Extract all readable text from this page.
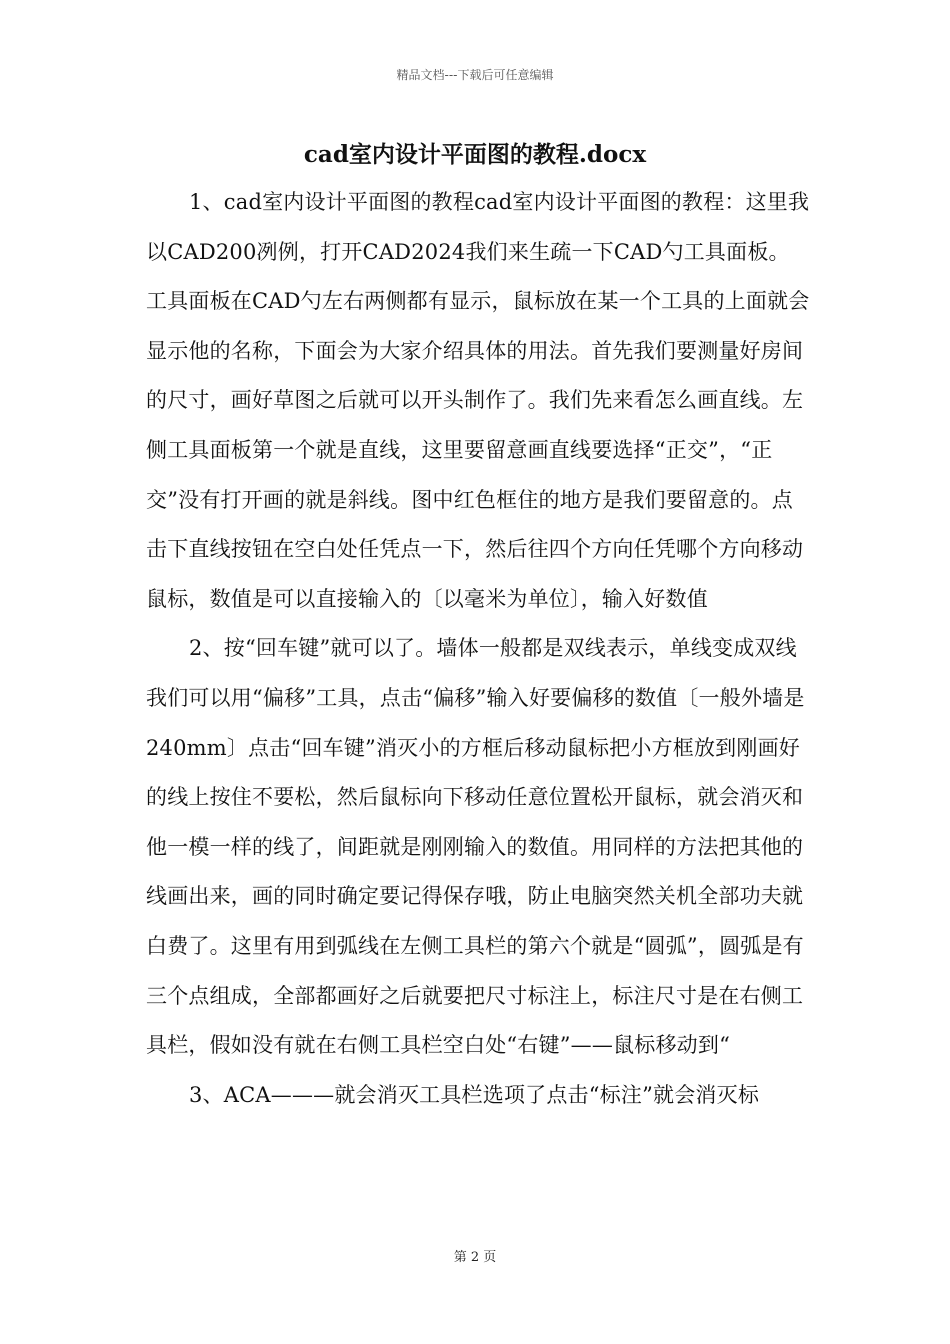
精品文档---下载后可任意编辑
cad室内设计平面图的教程.docx

1、cad室内设计平面图的教程cad室内设计平面图的教程：这里我以CAD200冽例，打开CAD2024我们来生疏一下CAD勺工具面板。工具面板在CAD勺左右两侧都有显示，鼠标放在某一个工具的上面就会显示他的名称，下面会为大家介绍具体的用法。首先我们要测量好房间的尺寸，画好草图之后就可以开头制作了。我们先来看怎么画直线。左侧工具面板第一个就是直线，这里要留意画直线要选择“正交”，“正交”没有打开画的就是斜线。图中红色框住的地方是我们要留意的。点击下直线按钮在空白处任凭点一下，然后往四个方向任凭哪个方向移动鼠标，数值是可以直接输入的〔以毫米为单位〕，输入好数值

2、按“回车键”就可以了。墙体一般都是双线表示，单线变成双线我们可以用“偏移”工具，点击“偏移”输入好要偏移的数值〔一般外墙是240mm〕点击“回车键”消灭小的方框后移动鼠标把小方框放到刚画好的线上按住不要松，然后鼠标向下移动任意位置松开鼠标，就会消灭和他一模一样的线了，间距就是刚刚输入的数值。用同样的方法把其他的线画出来，画的同时确定要记得保存哦，防止电脑突然关机全部功夫就白费了。这里有用到弧线在左侧工具栏的第六个就是“圆弧”，圆弧是有三个点组成，全部都画好之后就要把尺寸标注上，标注尺寸是在右侧工具栏，假如没有就在右侧工具栏空白处“右键”——鼠标移动到“

3、ACA———就会消灭工具栏选项了点击“标注”就会消灭标

第 2 页
